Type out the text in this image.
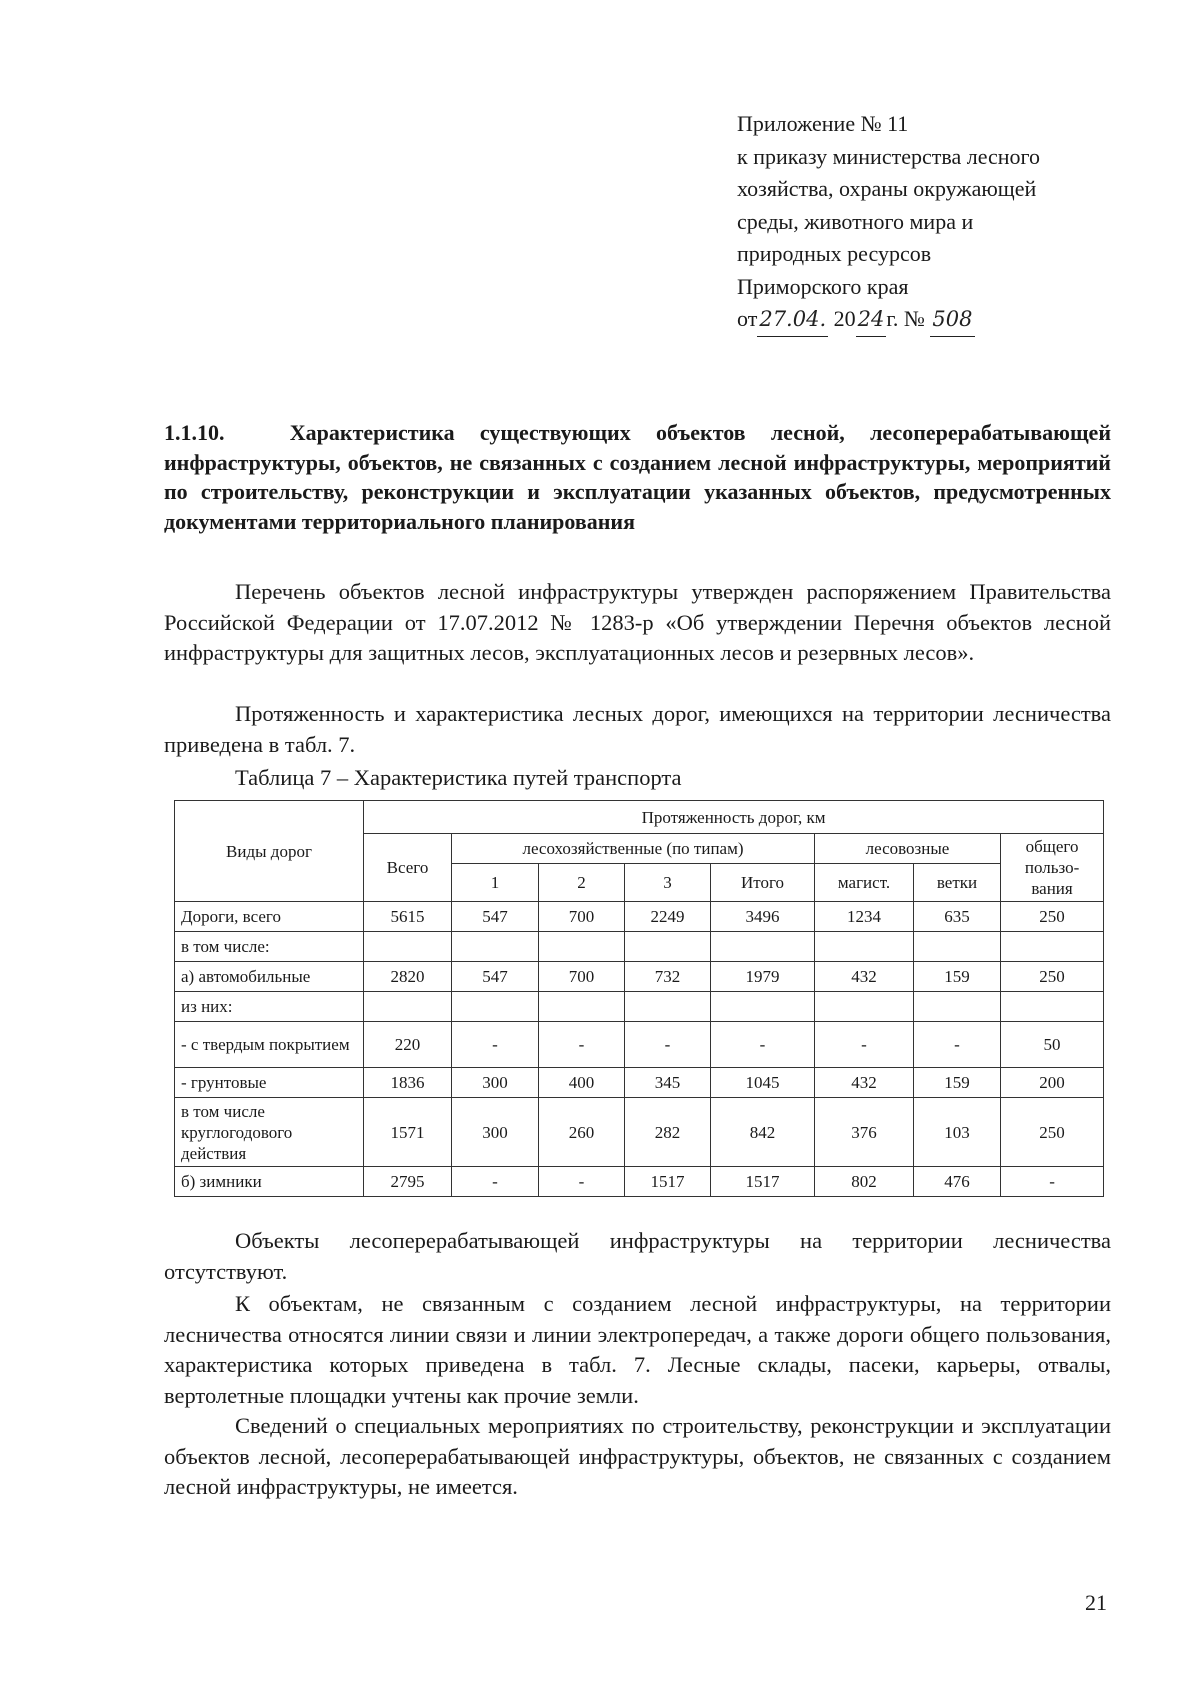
Приложение № 11
к приказу министерства лесного
хозяйства, охраны окружающей
среды, животного мира и
природных ресурсов
Приморского края
от27.04. 2024г. № 508
1.1.10.	Характеристика существующих объектов лесной, лесоперерабатывающей инфраструктуры, объектов, не связанных с созданием лесной инфраструктуры, мероприятий по строительству, реконструкции и эксплуатации указанных объектов, предусмотренных документами территориального планирования
Перечень объектов лесной инфраструктуры утвержден распоряжением Правительства Российской Федерации от 17.07.2012 № 1283-р «Об утверждении Перечня объектов лесной инфраструктуры для защитных лесов, эксплуатационных лесов и резервных лесов».
Протяженность и характеристика лесных дорог, имеющихся на территории лесничества приведена в табл. 7.
Таблица 7 – Характеристика путей транспорта
Виды дорог	Протяженность дорог, км							
	Всего	лесохозяйственные (по типам)				лесовозные		общего пользо-вания
		1	2	3	Итого	магист.	ветки	
Дороги, всего	5615	547	700	2249	3496	1234	635	250
в том числе:								
а) автомобильные	2820	547	700	732	1979	432	159	250
из них:								
- с твердым покрытием	220	-	-	-	-	-	-	50
- грунтовые	1836	300	400	345	1045	432	159	200
в том числе круглогодового действия	1571	300	260	282	842	376	103	250
б) зимники	2795	-	-	1517	1517	802	476	-
Объекты лесоперерабатывающей инфраструктуры на территории лесничества отсутствуют.
К объектам, не связанным с созданием лесной инфраструктуры, на территории лесничества относятся линии связи и линии электропередач, а также дороги общего пользования, характеристика которых приведена в табл. 7. Лесные склады, пасеки, карьеры, отвалы, вертолетные площадки учтены как прочие земли.
Сведений о специальных мероприятиях по строительству, реконструкции и эксплуатации объектов лесной, лесоперерабатывающей инфраструктуры, объектов, не связанных с созданием лесной инфраструктуры, не имеется.
21
